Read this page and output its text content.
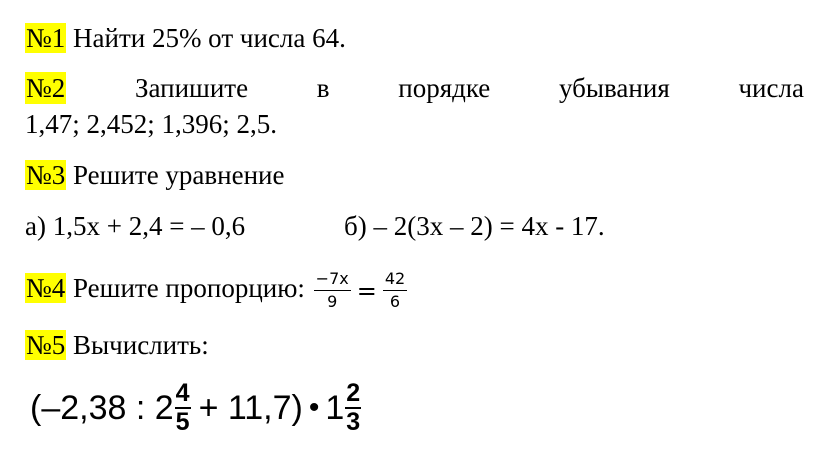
№1 Найти 25% от числа 64.
№2	Запишите	в	порядке	убывания	числа
1,47; 2,452; 1,396; 2,5.
№3 Решите уравнение
а) 1,5х + 2,4 = – 0,6	б) – 2(3х – 2) = 4х - 17.
№4 Решите пропорцию: $\frac{-7x}{9} = \frac{42}{6}$
№5 Вычислить:
(–2,38 : $2 \frac{4}{5} + 11,7$) • $1 \frac{2}{3}$
